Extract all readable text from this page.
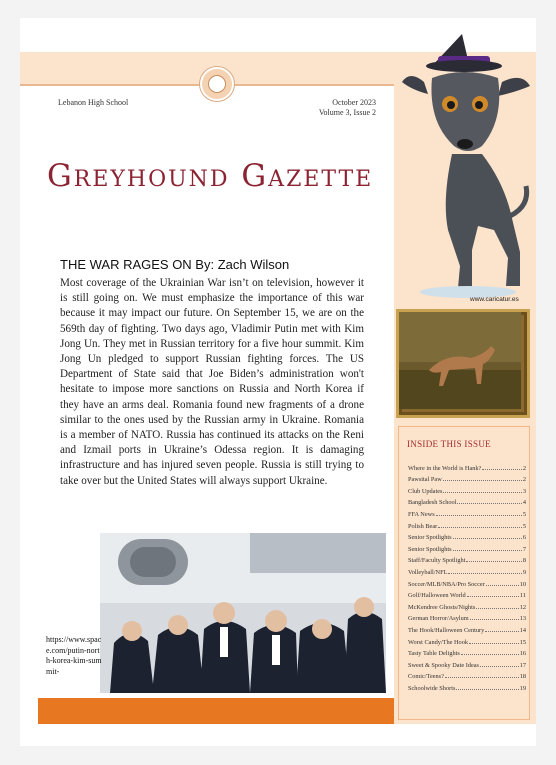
Lebanon High School	October 2023
Volume 3, Issue 2
Greyhound Gazette
THE WAR RAGES ON By: Zach Wilson

Most coverage of the Ukrainian War isn’t on television, however it is still going on. We must emphasize the importance of this war because it may impact our future. On September 15, we are on the 569th day of fighting. Two days ago, Vladimir Putin met with Kim Jong Un. They met in Russian territory for a five hour summit. Kim Jong Un pledged to support Russian fighting forces. The US Department of State said that Joe Biden’s administration won't hesitate to impose more sanctions on Russia and North Korea if they have an arms deal. Romania found new fragments of a drone similar to the ones used by the Russian army in Ukraine. Romania is a member of NATO. Russia has continued its attacks on the Reni and Izmail ports in Ukraine’s Odessa region. It is damaging infrastructure and has injured seven people. Russia is still trying to take over but the United States will always support Ukraine.

https://www.space.com/putin-north-korea-kim-summit-
www.caricatur.es
INSIDE THIS ISSUE
Where in the World is Hank?	2
Pawsital Paw	2
Club Updates	3
Bangladesh School	4
FFA News	5
Polish Bear	5
Senior Spotlights	6
Senior Spotlights	7
Staff/Faculty Spotlight	8
Volleyball/NFL	9
Soccer/MLB/NBA/Pro Soccer	10
Golf/Halloween World	11
McKendree Ghosts/Nights	12
German Horror/Asylum	13
The Hook/Halloween Century	14
Worst Candy/The Hook	15
Tasty Table Delights	16
Sweet & Spooky Date Ideas	17
Comic/Teens?	18
Schoolwide Shorts	19
